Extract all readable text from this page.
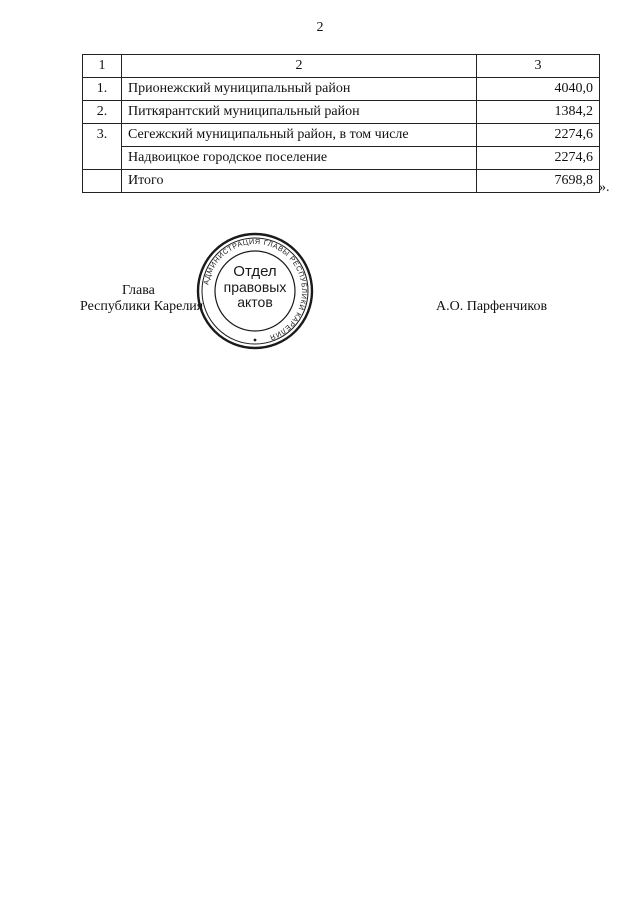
2
1	2	3
1.	Прионежский муниципальный район	4040,0
2.	Питкярантский муниципальный район	1384,2
3.	Сегежский муниципальный район, в том числе	2274,6
	Надвоицкое городское поселение	2274,6
	Итого	7698,8 ».
Глава
Республики Карелия	А.О. Парфенчиков
АДМИНИСТРАЦИЯ ГЛАВЫ РЕСПУБЛИКИ КАРЕЛИЯ
Отдел
правовых
актов
